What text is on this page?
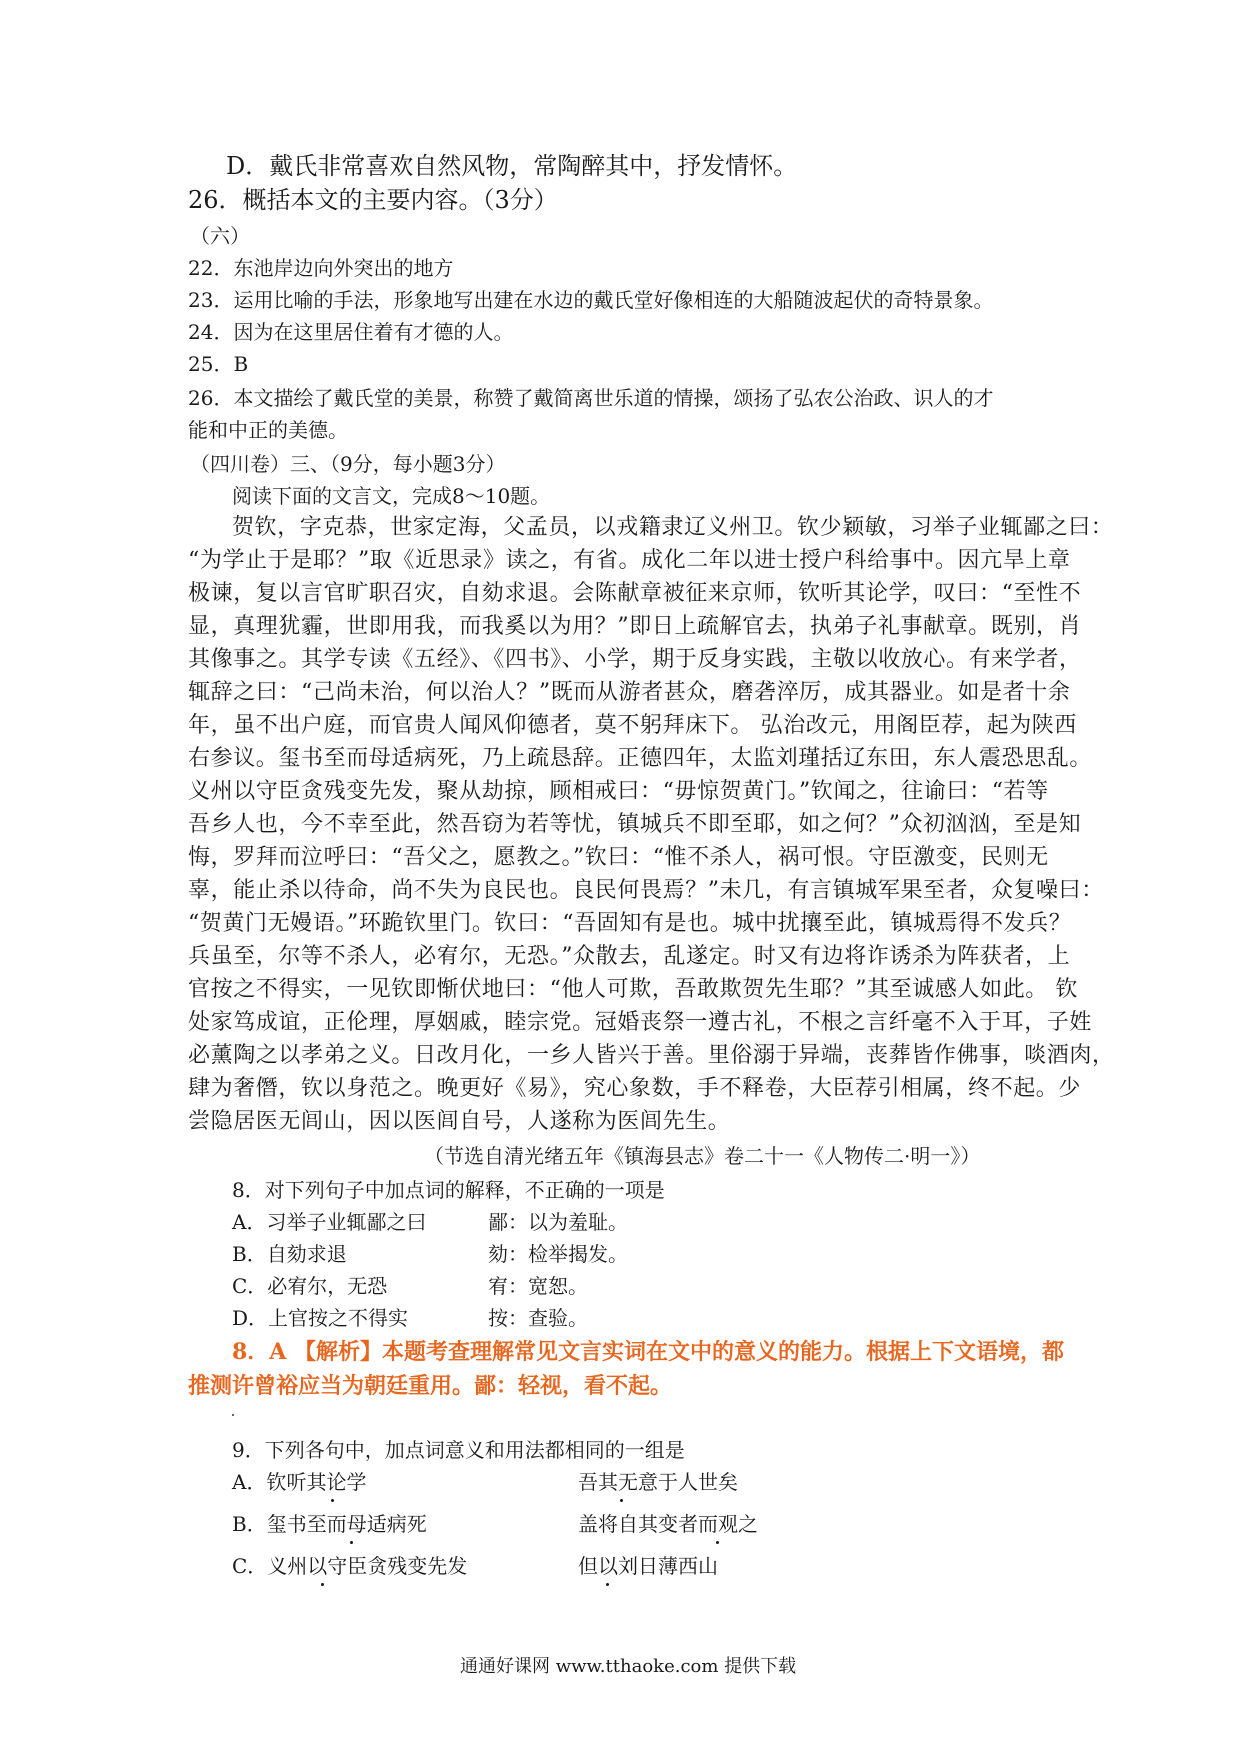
D．戴氏非常喜欢自然风物，常陶醉其中，抒发情怀。
26．概括本文的主要内容。（3分）
（六）
22．东池岸边向外突出的地方
23．运用比喻的手法，形象地写出建在水边的戴氏堂好像相连的大船随波起伏的奇特景象。
24．因为在这里居住着有才德的人。
25．B
26．本文描绘了戴氏堂的美景，称赞了戴简离世乐道的情操，颂扬了弘农公治政、识人的才
能和中正的美德。
（四川卷）三、（9分，每小题3分）
阅读下面的文言文，完成8～10题。
贺钦，字克恭，世家定海，父孟员，以戎籍隶辽义州卫。钦少颖敏，习举子业辄鄙之曰：
“为学止于是耶？”取《近思录》读之，有省。成化二年以进士授户科给事中。因亢旱上章
极谏，复以言官旷职召灾，自劾求退。会陈献章被征来京师，钦听其论学，叹曰：“至性不
显，真理犹霾，世即用我，而我奚以为用？”即日上疏解官去，执弟子礼事献章。既别，肖
其像事之。其学专读《五经》、《四书》、小学，期于反身实践，主敬以收放心。有来学者，
辄辞之曰：“己尚未治，何以治人？”既而从游者甚众，磨砻淬厉，成其器业。如是者十余
年，虽不出户庭，而官贵人闻风仰德者，莫不躬拜床下。 弘治改元，用阁臣荐，起为陕西
右参议。玺书至而母适病死，乃上疏恳辞。正德四年，太监刘瑾括辽东田，东人震恐思乱。
义州以守臣贪残变先发，聚从劫掠，顾相戒曰：“毋惊贺黄门。”钦闻之，往谕曰：“若等
吾乡人也，今不幸至此，然吾窃为若等忧，镇城兵不即至耶，如之何？”众初汹汹，至是知
悔，罗拜而泣呼曰：“吾父之，愿教之。”钦曰：“惟不杀人，祸可恨。守臣激变，民则无
辜，能止杀以待命，尚不失为良民也。良民何畏焉？”未几，有言镇城军果至者，众复噪曰：
“贺黄门无嫚语。”环跪钦里门。钦曰：“吾固知有是也。城中扰攘至此，镇城焉得不发兵？
兵虽至，尔等不杀人，必宥尔，无恐。”众散去，乱遂定。时又有边将诈诱杀为阵获者，上
官按之不得实，一见钦即惭伏地曰：“他人可欺，吾敢欺贺先生耶？”其至诚感人如此。 钦
处家笃成谊，正伦理，厚姻戚，睦宗党。冠婚丧祭一遵古礼，不根之言纤毫不入于耳，子姓
必薰陶之以孝弟之义。日改月化，一乡人皆兴于善。里俗溺于异端，丧葬皆作佛事，啖酒肉，
肆为奢僭，钦以身范之。晚更好《易》，究心象数，手不释卷，大臣荐引相属，终不起。少
尝隐居医无闾山，因以医闾自号，人遂称为医闾先生。
（节选自清光绪五年《镇海县志》卷二十一《人物传二·明一》）
8．对下列句子中加点词的解释，不正确的一项是
A．习举子业辄鄙之曰	鄙：以为羞耻。
B．自劾求退	劾：检举揭发。
C．必宥尔，无恐	宥：宽恕。
D．上官按之不得实	按：查验。
8．A 【解析】本题考查理解常见文言实词在文中的意义的能力。根据上下文语境，都
推测许曾裕应当为朝廷重用。鄙：轻视，看不起。
9．下列各句中，加点词意义和用法都相同的一组是
A．钦听其论学	吾其无意于人世矣
B．玺书至而母适病死	盖将自其变者而观之
C．义州以守臣贪残变先发	但以刘日薄西山
通通好课网 www.tthaoke.com 提供下载
